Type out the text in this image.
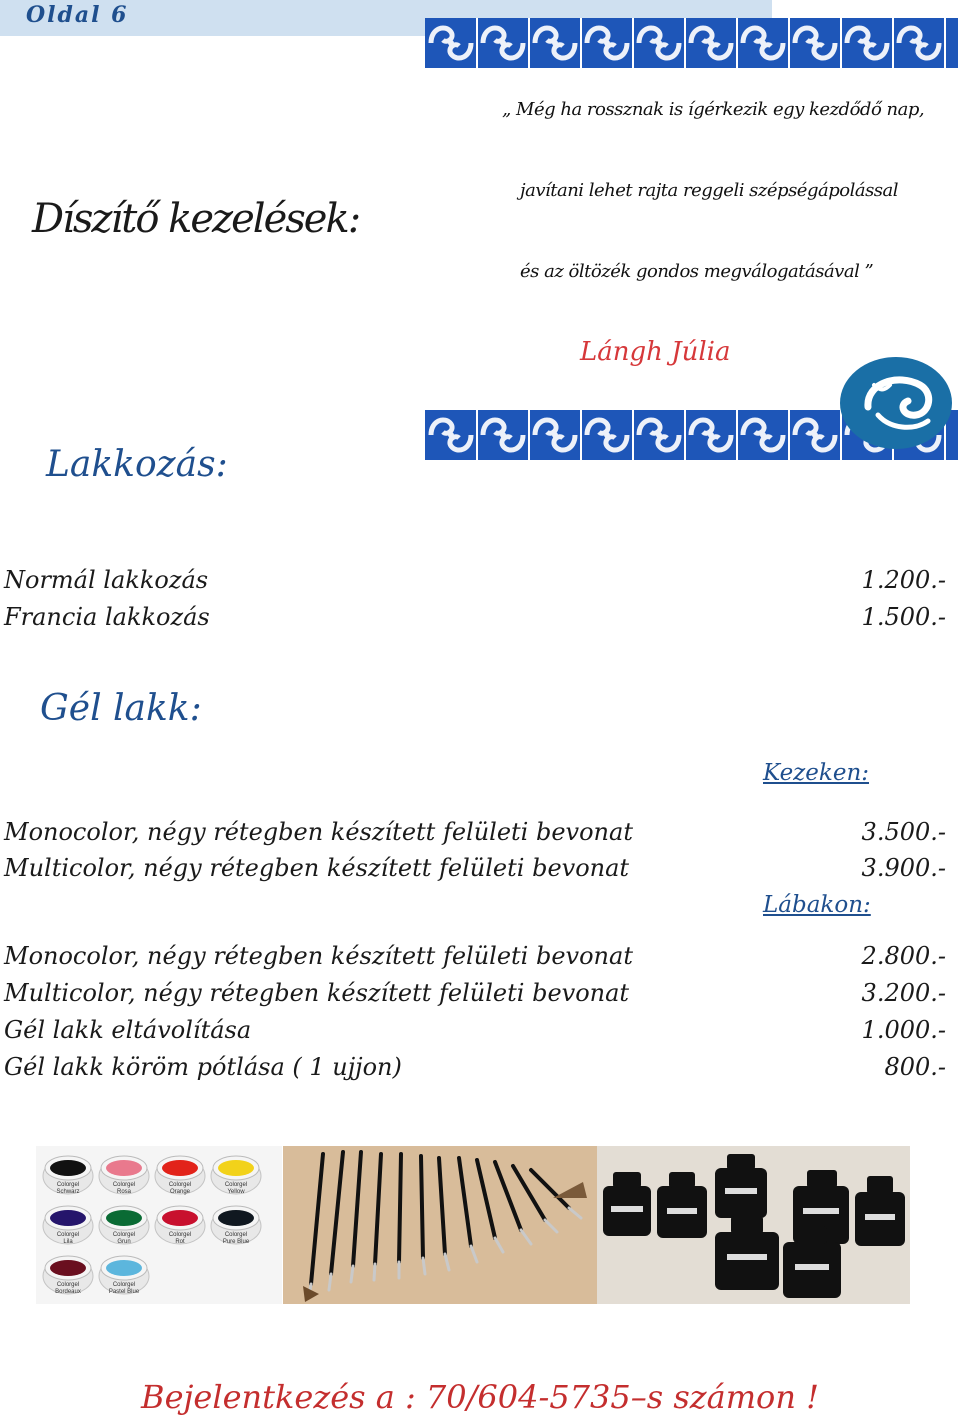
Oldal 6
Díszítő kezelések:
„ Még ha rossznak is ígérkezik egy kezdődő nap,
javítani lehet rajta reggeli szépségápolással
és az öltözék gondos megválogatásával ”
Lángh Júlia
Lakkozás:
Normál lakkozás	1.200.-
Francia lakkozás	1.500.-
Gél lakk:
Kezeken:
Monocolor, négy rétegben készített felületi bevonat	3.500.-
Multicolor, négy rétegben készített felületi bevonat	3.900.-
Lábakon:
Monocolor, négy rétegben készített felületi bevonat	2.800.-
Multicolor, négy rétegben készített felületi bevonat	3.200.-
Gél lakk eltávolítása	1.000.-
Gél lakk köröm pótlása ( 1 ujjon)	800.-
Colorgel
Schwarz
Colorgel
Rosa
Colorgel
Orange
Colorgel
Yellow
Colorgel
Lila
Colorgel
Grun
Colorgel
Rot
Colorgel
Pure Blue
Colorgel
Bordeaux
Colorgel
Pastel Blue
Bejelentkezés a : 70/604-5735–s számon !
